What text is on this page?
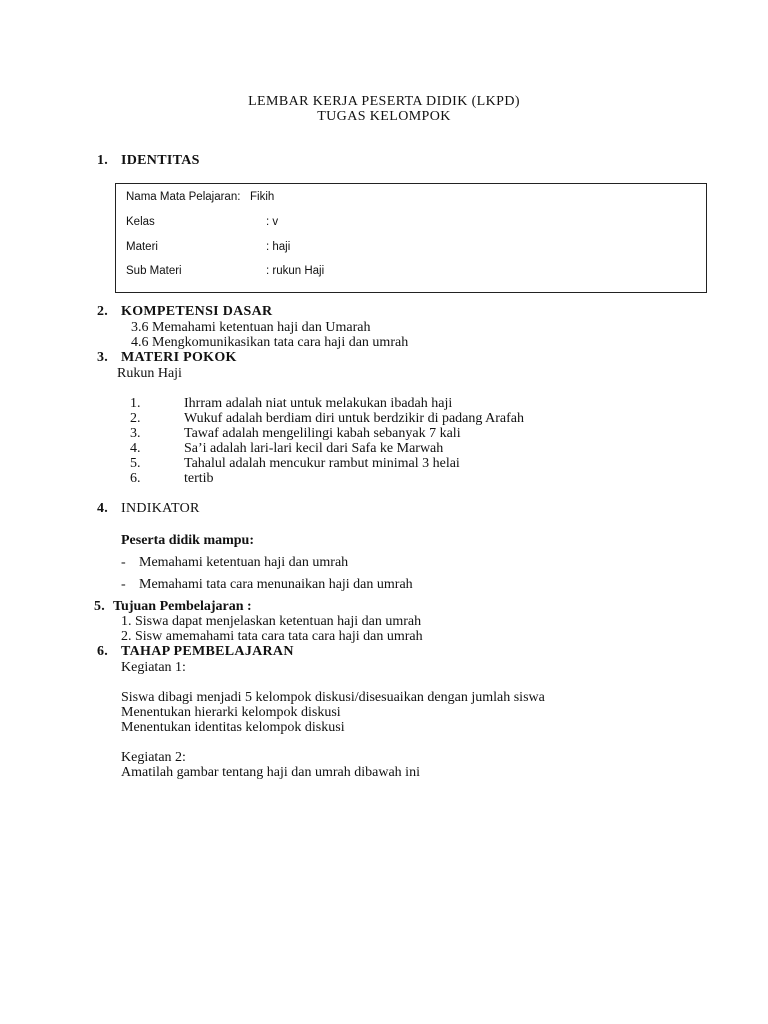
LEMBAR KERJA PESERTA DIDIK (LKPD)
TUGAS KELOMPOK
1. IDENTITAS
Nama Mata Pelajaran: Fikih
Kelas	: v
Materi	: haji
Sub Materi	: rukun Haji
2. KOMPETENSI DASAR
3.6 Memahami ketentuan haji dan Umarah
4.6 Mengkomunikasikan tata cara haji dan umrah
3. MATERI POKOK
Rukun Haji
1.	Ihrram adalah niat untuk melakukan ibadah haji
2.	Wukuf adalah berdiam diri untuk berdzikir di padang Arafah
3.	Tawaf adalah mengelilingi kabah sebanyak 7 kali
4.	Sa’i adalah lari-lari kecil dari Safa ke Marwah
5.	Tahalul adalah mencukur rambut minimal 3 helai
6.	tertib
4. INDIKATOR
Peserta didik mampu:
- Memahami ketentuan haji dan umrah
- Memahami tata cara menunaikan haji dan umrah
5. Tujuan Pembelajaran :
1. Siswa dapat menjelaskan ketentuan haji dan umrah
2. Sisw amemahami tata cara tata cara haji dan umrah
6. TAHAP PEMBELAJARAN
Kegiatan 1:
Siswa dibagi menjadi 5 kelompok diskusi/disesuaikan dengan jumlah siswa
Menentukan hierarki kelompok diskusi
Menentukan identitas kelompok diskusi
Kegiatan 2:
Amatilah gambar tentang haji dan umrah dibawah ini
